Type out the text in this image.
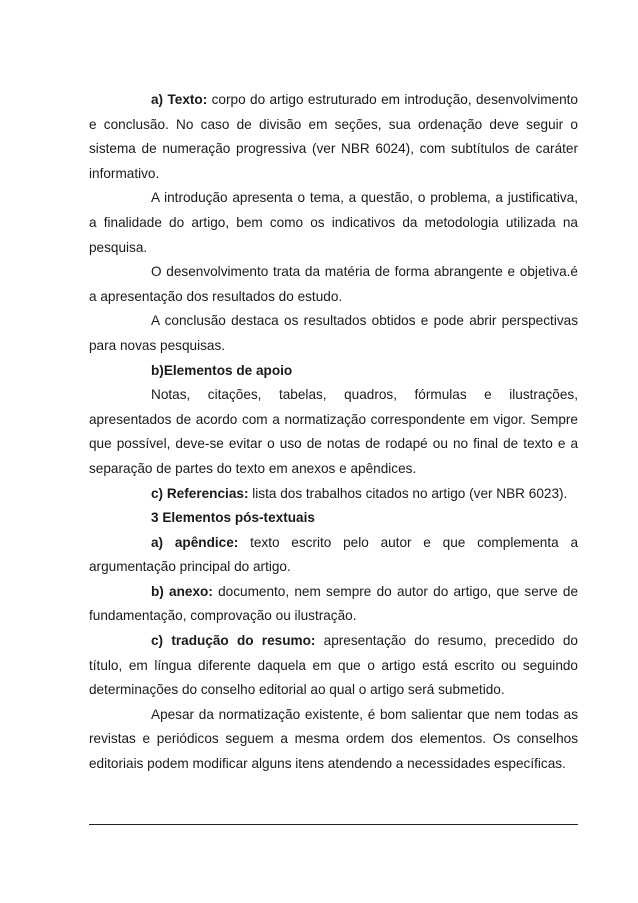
a) Texto: corpo do artigo estruturado em introdução, desenvolvimento e conclusão. No caso de divisão em seções, sua ordenação deve seguir o sistema de numeração progressiva (ver NBR 6024), com subtítulos de caráter informativo.

A introdução apresenta o tema, a questão, o problema, a justificativa, a finalidade do artigo, bem como os indicativos da metodologia utilizada na pesquisa.

O desenvolvimento trata da matéria de forma abrangente e objetiva.é a apresentação dos resultados do estudo.

A conclusão destaca os resultados obtidos e pode abrir perspectivas para novas pesquisas.

b)Elementos de apoio

Notas, citações, tabelas, quadros, fórmulas e ilustrações, apresentados de acordo com a normatização correspondente em vigor. Sempre que possível, deve-se evitar o uso de notas de rodapé ou no final de texto e a separação de partes do texto em anexos e apêndices.

c) Referencias: lista dos trabalhos citados no artigo (ver NBR 6023).

3 Elementos pós-textuais

a) apêndice: texto escrito pelo autor e que complementa a argumentação principal do artigo.

b) anexo: documento, nem sempre do autor do artigo, que serve de fundamentação, comprovação ou ilustração.

c) tradução do resumo: apresentação do resumo, precedido do título, em língua diferente daquela em que o artigo está escrito ou seguindo determinações do conselho editorial ao qual o artigo será submetido.

Apesar da normatização existente, é bom salientar que nem todas as revistas e periódicos seguem a mesma ordem dos elementos. Os conselhos editoriais podem modificar alguns itens atendendo a necessidades específicas.
